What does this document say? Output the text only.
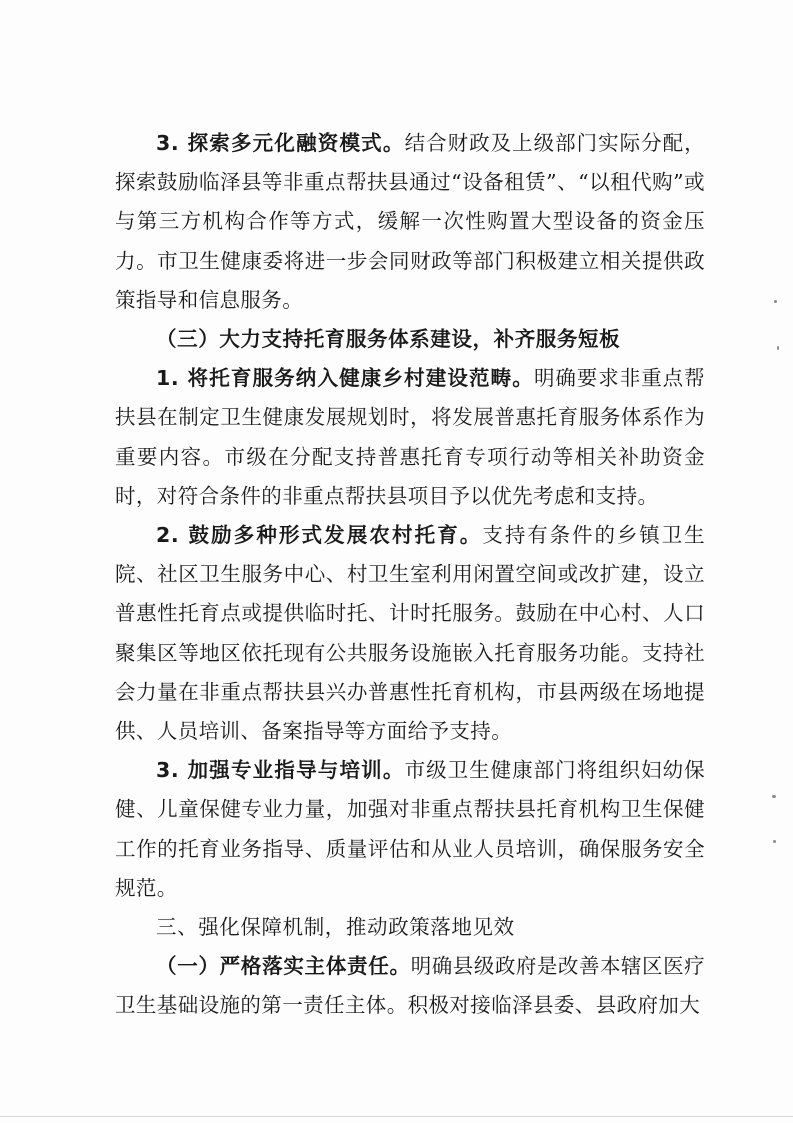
3. 探索多元化融资模式。结合财政及上级部门实际分配，探索鼓励临泽县等非重点帮扶县通过“设备租赁”、“以租代购”或与第三方机构合作等方式，缓解一次性购置大型设备的资金压力。市卫生健康委将进一步会同财政等部门积极建立相关提供政策指导和信息服务。

（三）大力支持托育服务体系建设，补齐服务短板

1. 将托育服务纳入健康乡村建设范畴。明确要求非重点帮扶县在制定卫生健康发展规划时，将发展普惠托育服务体系作为重要内容。市级在分配支持普惠托育专项行动等相关补助资金时，对符合条件的非重点帮扶县项目予以优先考虑和支持。

2. 鼓励多种形式发展农村托育。支持有条件的乡镇卫生院、社区卫生服务中心、村卫生室利用闲置空间或改扩建，设立普惠性托育点或提供临时托、计时托服务。鼓励在中心村、人口聚集区等地区依托现有公共服务设施嵌入托育服务功能。支持社会力量在非重点帮扶县兴办普惠性托育机构，市县两级在场地提供、人员培训、备案指导等方面给予支持。

3. 加强专业指导与培训。市级卫生健康部门将组织妇幼保健、儿童保健专业力量，加强对非重点帮扶县托育机构卫生保健工作的托育业务指导、质量评估和从业人员培训，确保服务安全规范。

三、强化保障机制，推动政策落地见效

（一）严格落实主体责任。明确县级政府是改善本辖区医疗卫生基础设施的第一责任主体。积极对接临泽县委、县政府加大
